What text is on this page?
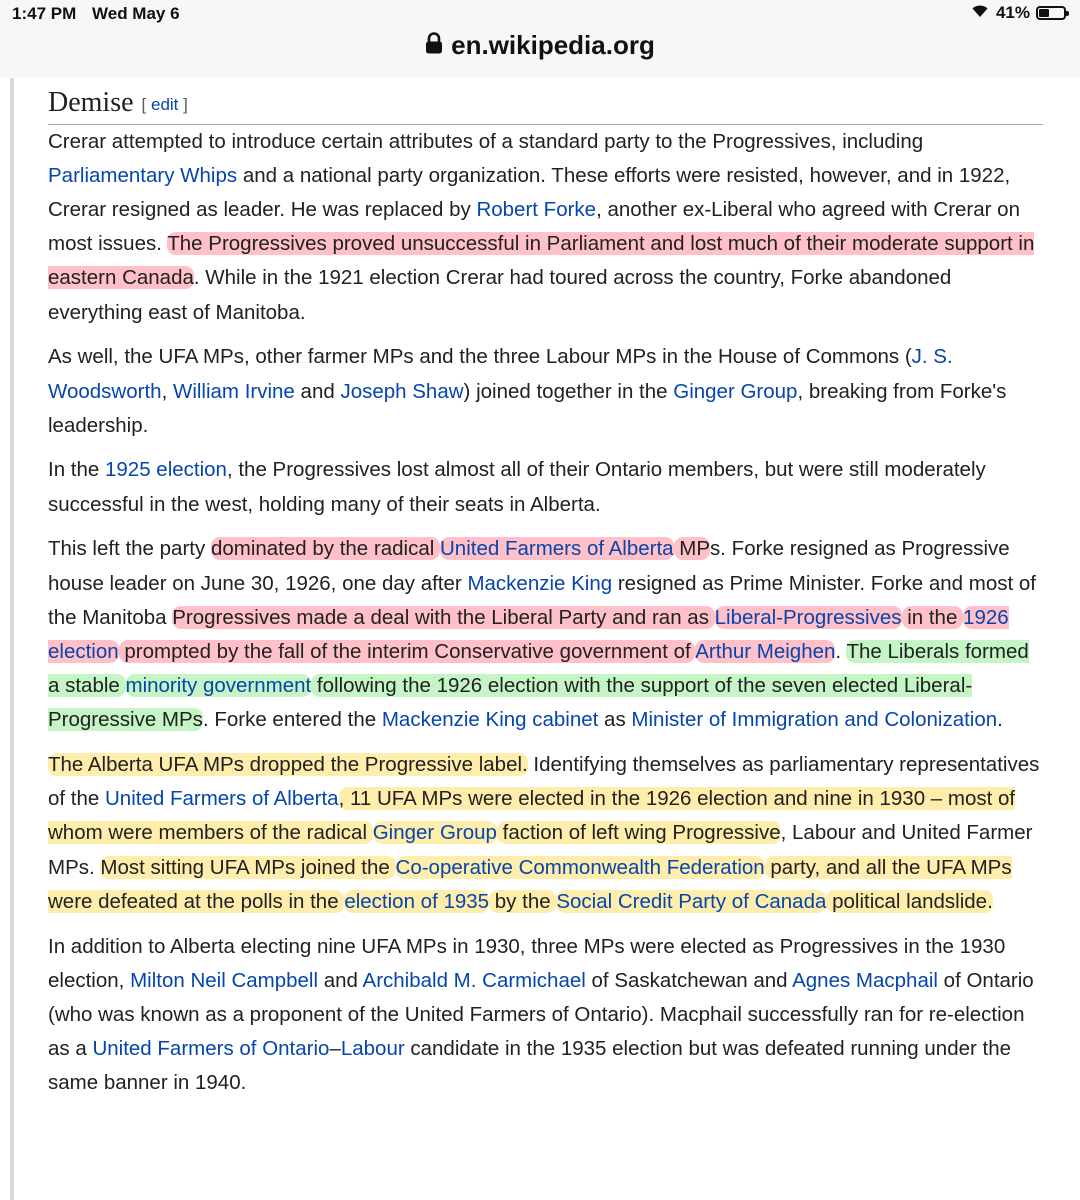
1:47 PM Wed May 6	41%
en.wikipedia.org
Demise [ edit ]

Crerar attempted to introduce certain attributes of a standard party to the Progressives, including Parliamentary Whips and a national party organization. These efforts were resisted, however, and in 1922, Crerar resigned as leader. He was replaced by Robert Forke, another ex-Liberal who agreed with Crerar on most issues. The Progressives proved unsuccessful in Parliament and lost much of their moderate support in eastern Canada. While in the 1921 election Crerar had toured across the country, Forke abandoned everything east of Manitoba.

As well, the UFA MPs, other farmer MPs and the three Labour MPs in the House of Commons (J. S. Woodsworth, William Irvine and Joseph Shaw) joined together in the Ginger Group, breaking from Forke's leadership.

In the 1925 election, the Progressives lost almost all of their Ontario members, but were still moderately successful in the west, holding many of their seats in Alberta.

This left the party dominated by the radical United Farmers of Alberta MPs. Forke resigned as Progressive house leader on June 30, 1926, one day after Mackenzie King resigned as Prime Minister. Forke and most of the Manitoba Progressives made a deal with the Liberal Party and ran as Liberal-Progressives in the 1926 election prompted by the fall of the interim Conservative government of Arthur Meighen. The Liberals formed a stable minority government following the 1926 election with the support of the seven elected Liberal-Progressive MPs. Forke entered the Mackenzie King cabinet as Minister of Immigration and Colonization.

The Alberta UFA MPs dropped the Progressive label. Identifying themselves as parliamentary representatives of the United Farmers of Alberta, 11 UFA MPs were elected in the 1926 election and nine in 1930 – most of whom were members of the radical Ginger Group faction of left wing Progressive, Labour and United Farmer MPs. Most sitting UFA MPs joined the Co-operative Commonwealth Federation party, and all the UFA MPs were defeated at the polls in the election of 1935 by the Social Credit Party of Canada political landslide.

In addition to Alberta electing nine UFA MPs in 1930, three MPs were elected as Progressives in the 1930 election, Milton Neil Campbell and Archibald M. Carmichael of Saskatchewan and Agnes Macphail of Ontario (who was known as a proponent of the United Farmers of Ontario). Macphail successfully ran for re-election as a United Farmers of Ontario–Labour candidate in the 1935 election but was defeated running under the same banner in 1940.
